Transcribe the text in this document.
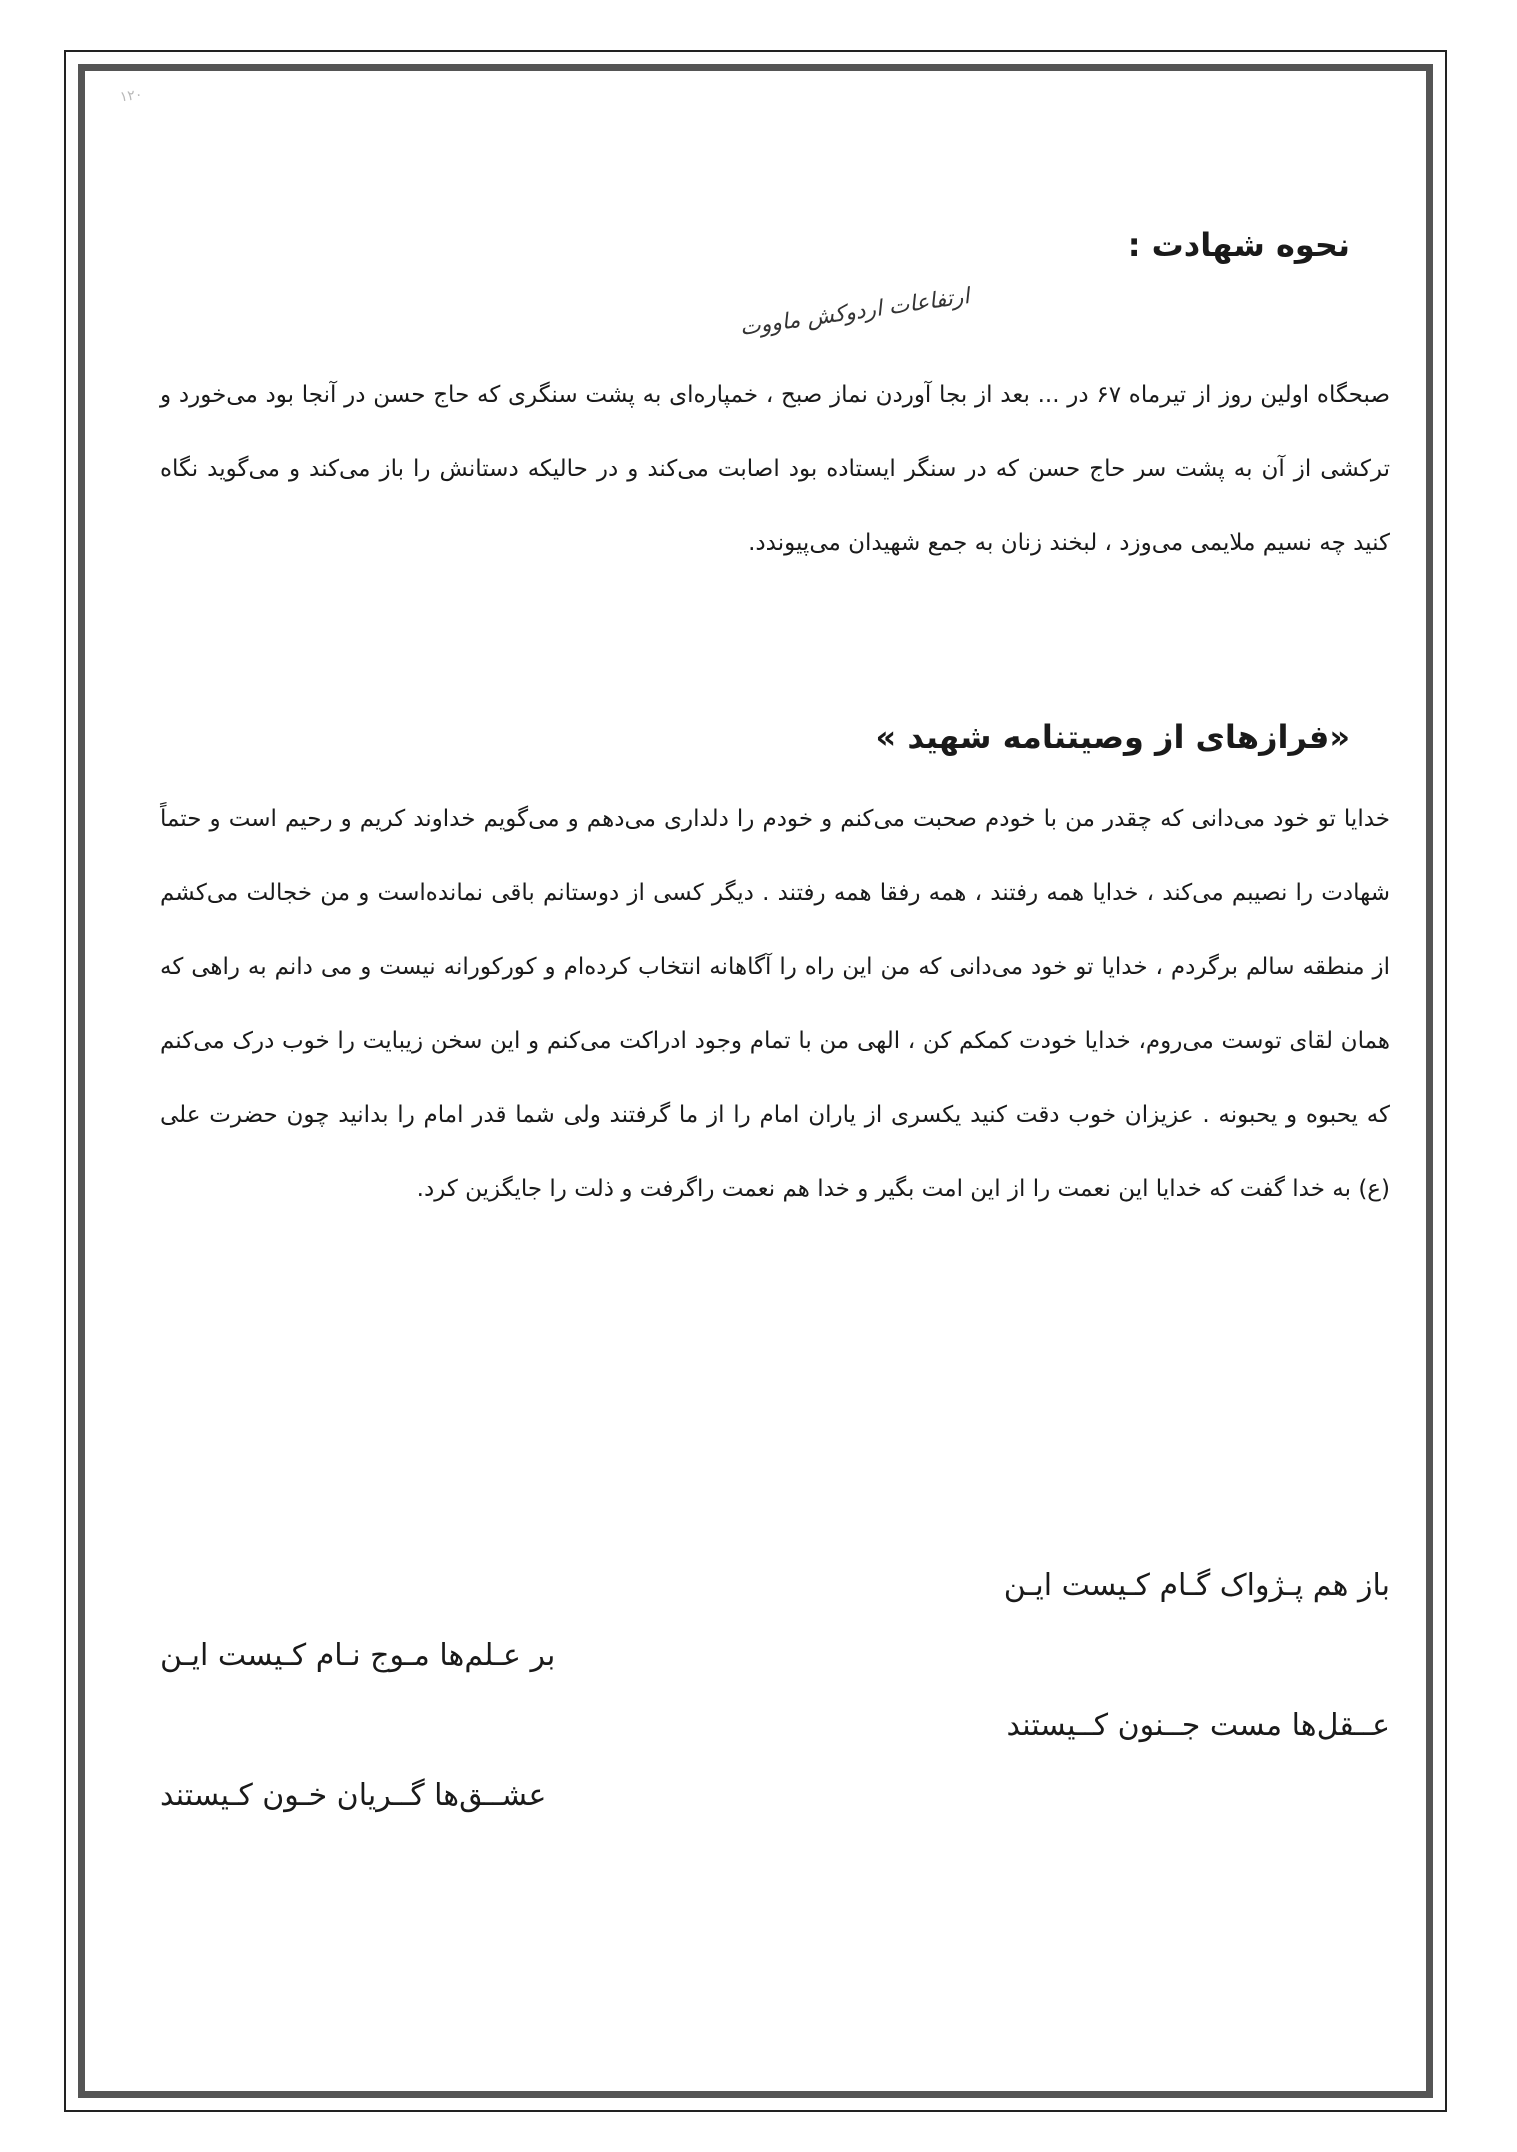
۱۲۰
نحوه شهادت :
ارتفاعات اردوکش ماووت

صبحگاه اولین روز از تیرماه ۶۷ در ... بعد از بجا آوردن نماز صبح ، خمپاره‌ای به پشت سنگری که حاج حسن در آنجا بود می‌خورد و ترکشی از آن به پشت سر حاج حسن که در سنگر ایستاده بود اصابت می‌کند و در حالیکه دستانش را باز می‌کند و می‌گوید نگاه کنید چه نسیم ملایمی می‌وزد ، لبخند زنان به جمع شهیدان می‌پیوندد.

«فرازهای از وصیتنامه شهید »

خدایا تو خود می‌دانی که چقدر من با خودم صحبت می‌کنم و خودم را دلداری می‌دهم و می‌گویم خداوند کریم و رحیم است و حتماً شهادت را نصیبم می‌کند ، خدایا همه رفتند ، همه رفقا همه رفتند . دیگر کسی از دوستانم باقی نمانده‌است و من خجالت می‌کشم از منطقه سالم برگردم ، خدایا تو خود می‌دانی که من این راه را آگاهانه انتخاب کرده‌ام و کورکورانه نیست و می دانم به راهی که همان لقای توست می‌روم، خدایا خودت کمکم کن ، الهی من با تمام وجود ادراکت می‌کنم و این سخن زیبایت را خوب درک می‌کنم که یحبوه و یحبونه . عزیزان خوب دقت کنید یکسری از یاران امام را از ما گرفتند ولی شما قدر امام را بدانید چون حضرت علی (ع) به خدا گفت که خدایا این نعمت را از این امت بگیر و خدا هم نعمت راگرفت و ذلت را جایگزین کرد.

باز هم پـژواک گـام کـیست ایـن
بر عـلم‌ها مـوج نـام کـیست ایـن
عــقل‌ها مست جــنون کــیستند
عشــق‌ها گــریان خـون کـیستند
